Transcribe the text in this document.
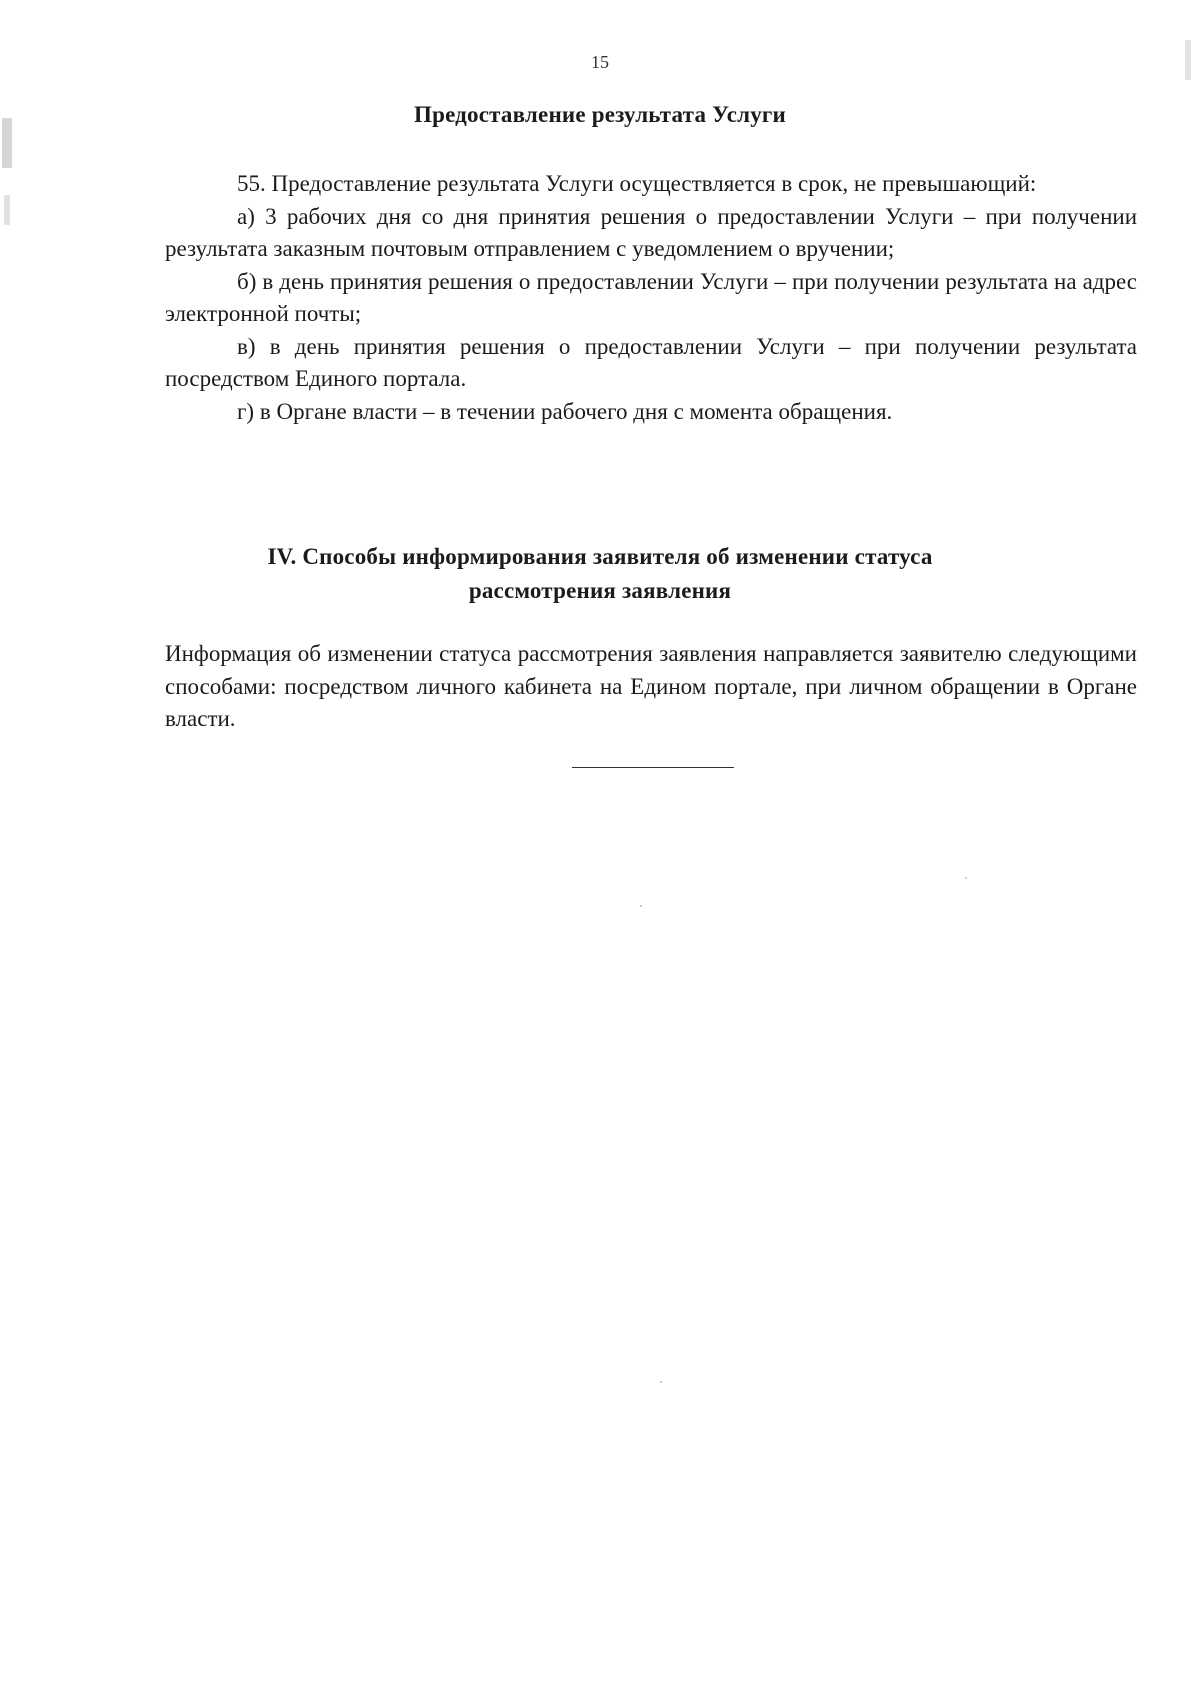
15
Предоставление результата Услуги

55. Предоставление результата Услуги осуществляется в срок, не превышающий:

а) 3 рабочих дня со дня принятия решения о предоставлении Услуги – при получении результата заказным почтовым отправлением с уведомлением о вручении;

б) в день принятия решения о предоставлении Услуги – при получении результата на адрес электронной почты;

в) в день принятия решения о предоставлении Услуги – при получении результата посредством Единого портала.

г) в Органе власти – в течении рабочего дня с момента обращения.

IV. Способы информирования заявителя об изменении статуса
рассмотрения заявления

Информация об изменении статуса рассмотрения заявления направляется заявителю следующими способами: посредством личного кабинета на Едином портале, при личном обращении в Органе власти.
